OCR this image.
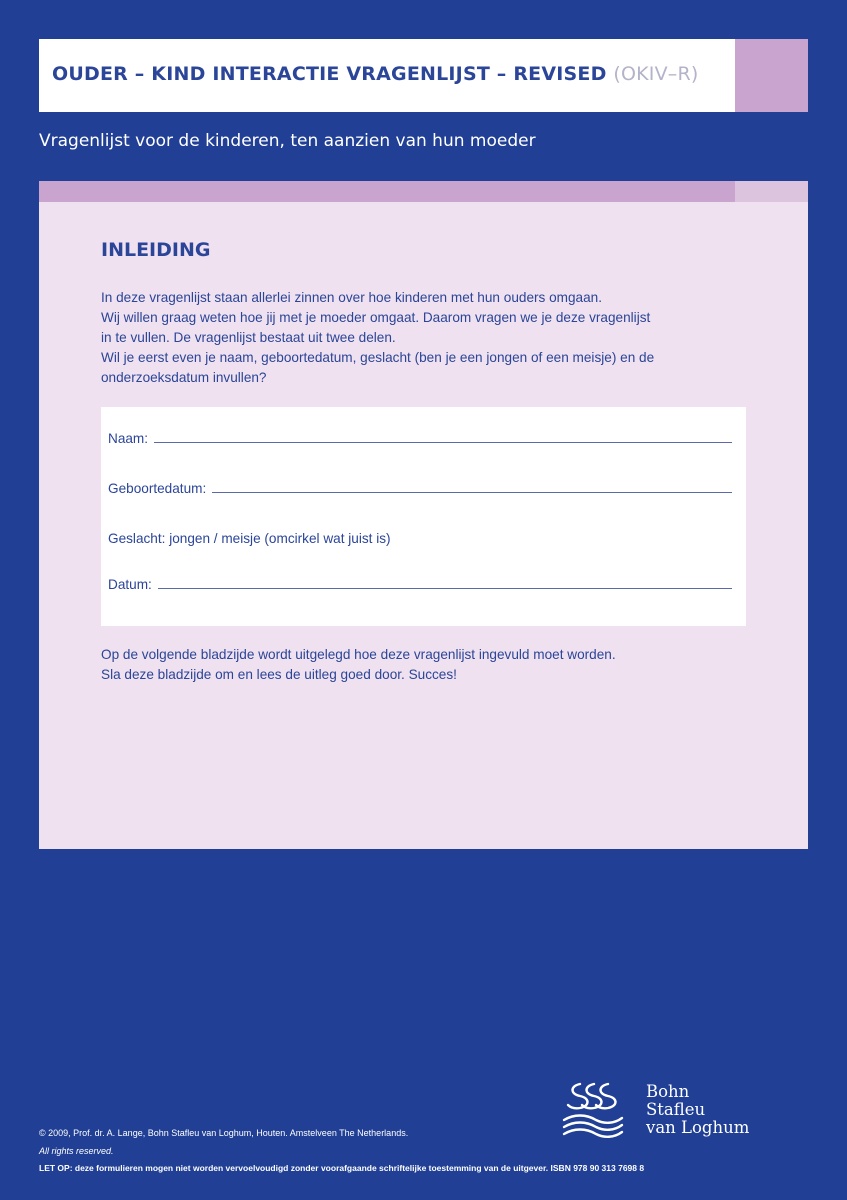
OUDER – KIND INTERACTIE VRAGENLIJST – REVISED (OKIV–R)
Vragenlijst voor de kinderen, ten aanzien van hun moeder
INLEIDING

In deze vragenlijst staan allerlei zinnen over hoe kinderen met hun ouders omgaan.

Wij willen graag weten hoe jij met je moeder omgaat. Daarom vragen we je deze vragenlijst

in te vullen. De vragenlijst bestaat uit twee delen.

Wil je eerst even je naam, geboortedatum, geslacht (ben je een jongen of een meisje) en de

onderzoeksdatum invullen?

Naam:
Geboortedatum:
Geslacht: jongen / meisje (omcirkel wat juist is)
Datum:

Op de volgende bladzijde wordt uitgelegd hoe deze vragenlijst ingevuld moet worden.

Sla deze bladzijde om en lees de uitleg goed door. Succes!

Bohn
Stafleu
van Loghum
© 2009, Prof. dr. A. Lange, Bohn Stafleu van Loghum, Houten. Amstelveen The Netherlands.
All rights reserved.
LET OP: deze formulieren mogen niet worden vervoelvoudigd zonder voorafgaande schriftelijke toestemming van de uitgever. ISBN 978 90 313 7698 8
